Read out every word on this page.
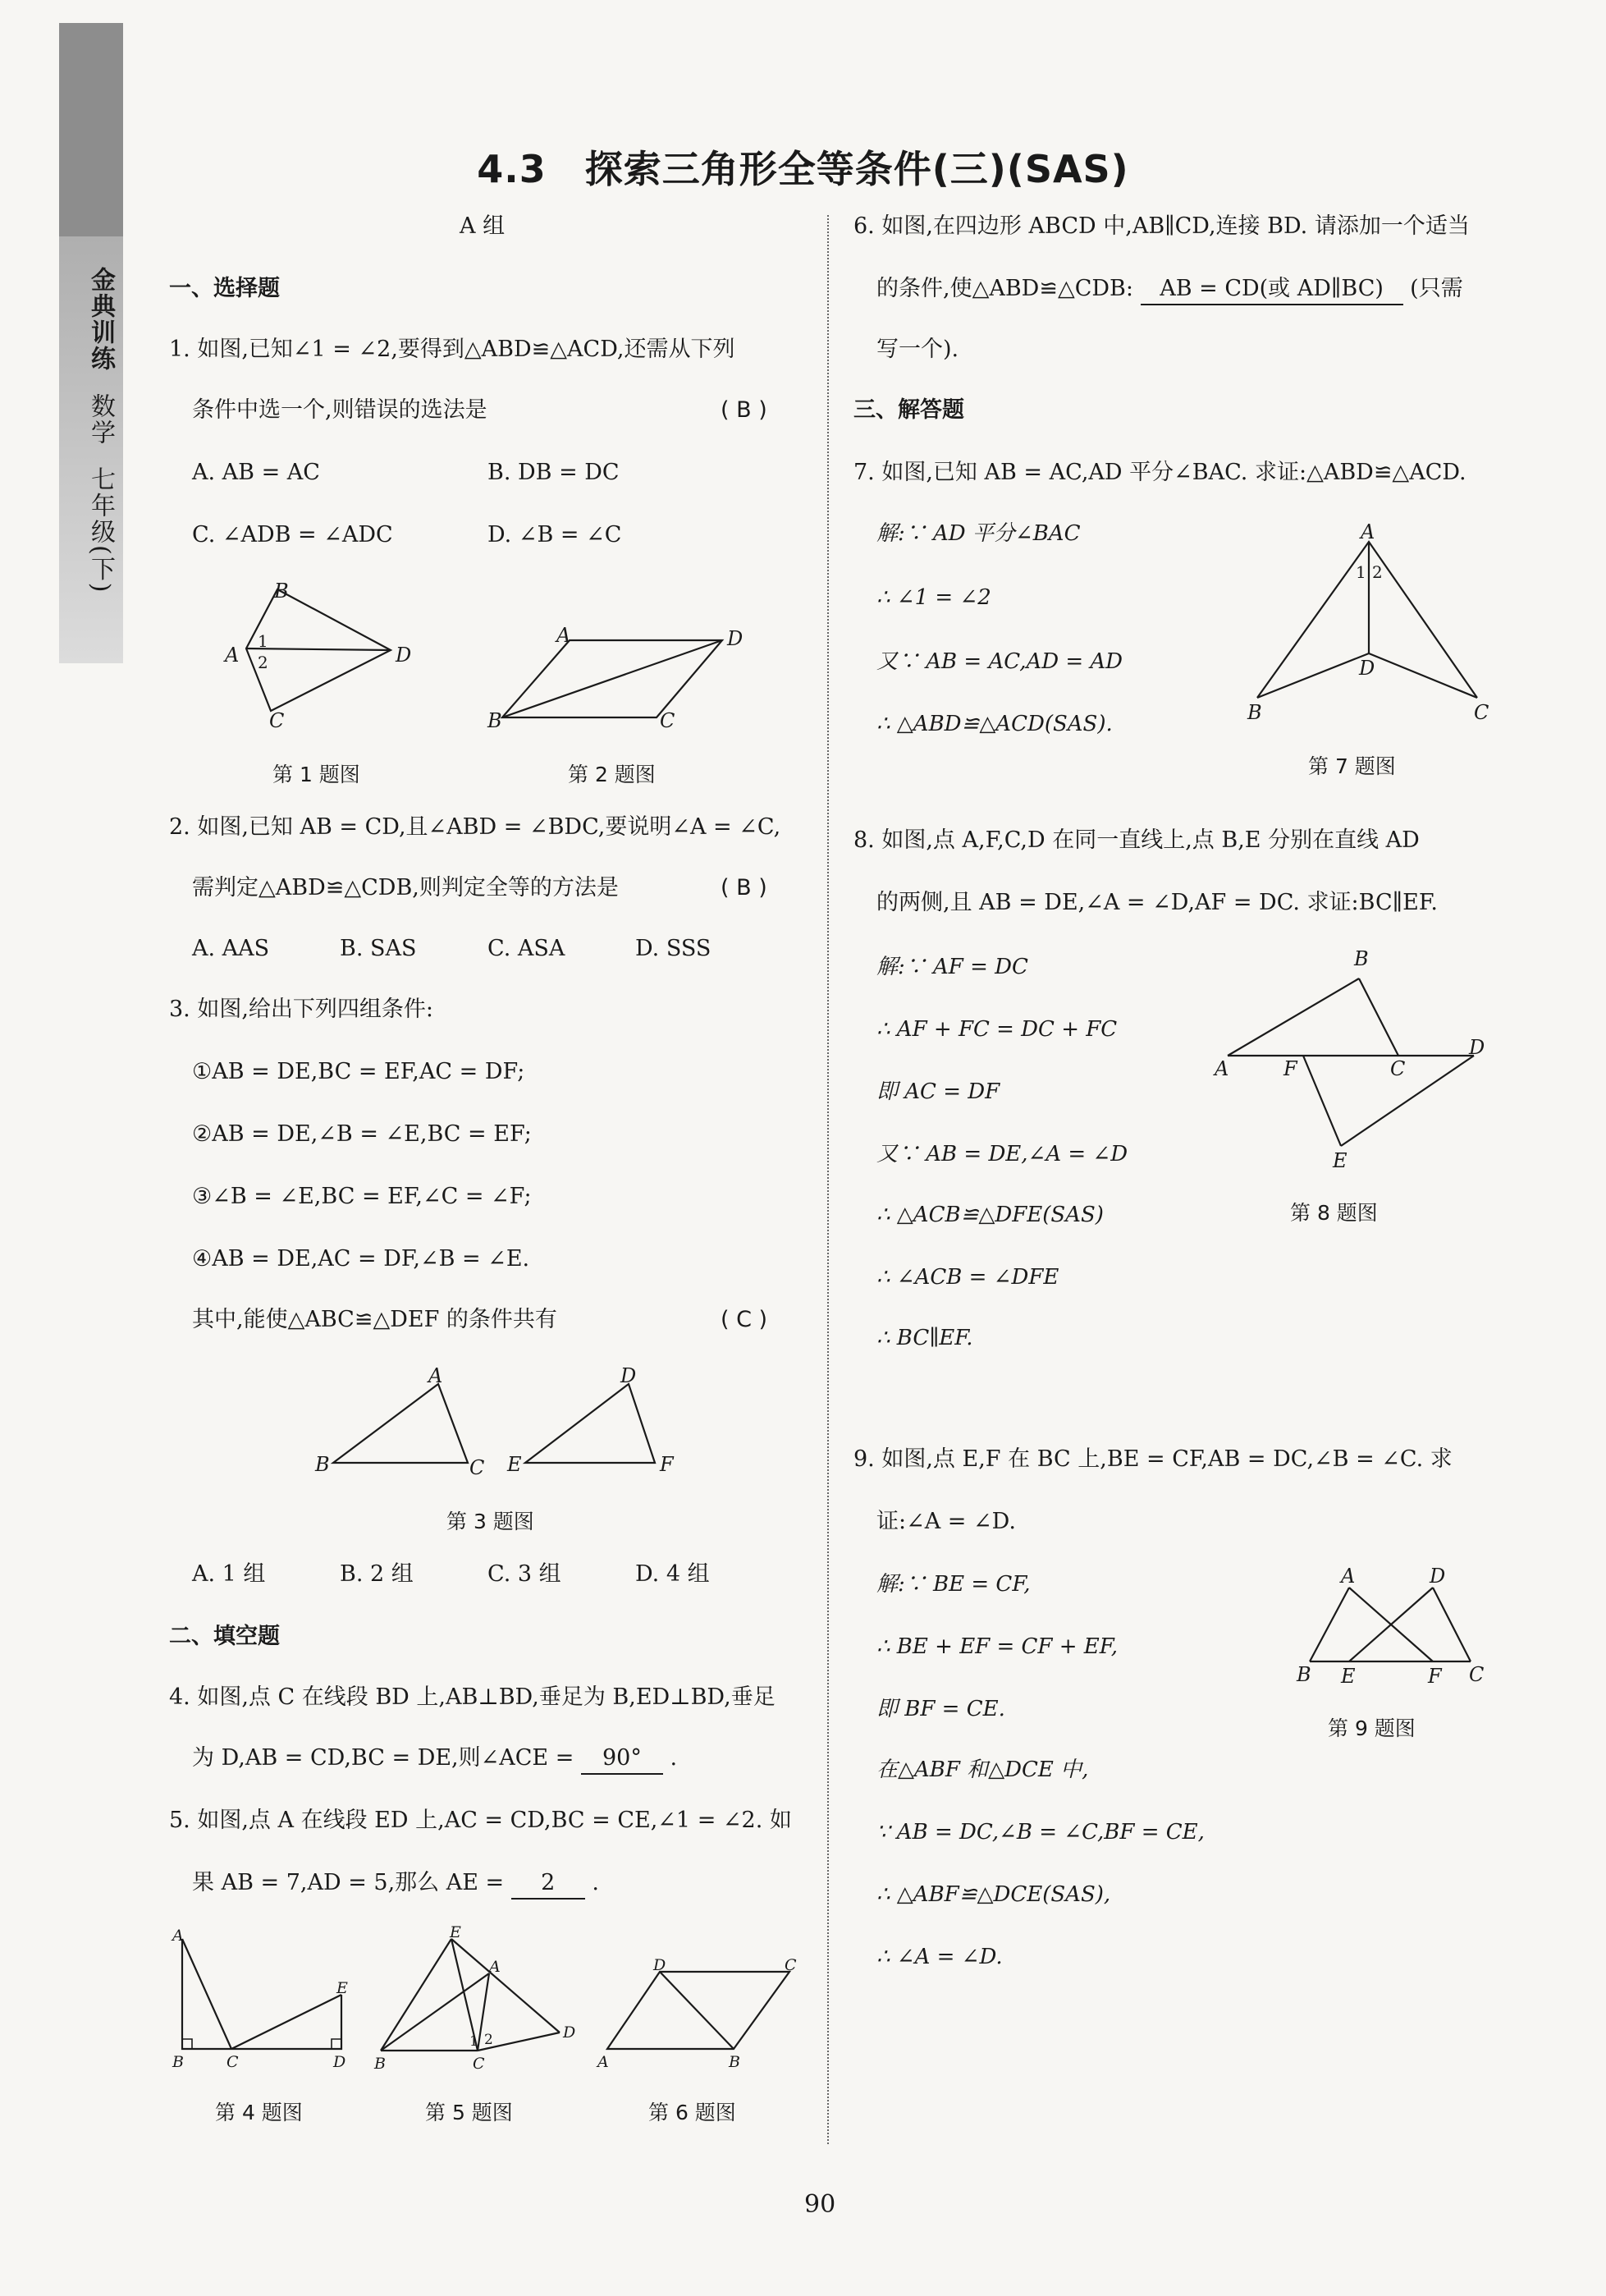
金典训练 数学 七年级(下)
4.3　探索三角形全等条件(三)(SAS)
A 组
一、选择题
1. 如图,已知∠1 = ∠2,要得到△ABD≌△ACD,还需从下列
条件中选一个,则错误的选法是	( B )
A. AB = AC	B. DB = DC
C. ∠ADB = ∠ADC	D. ∠B = ∠C
A
B
C
D
1
2
A
B	C
D
第 1 题图	第 2 题图
2. 如图,已知 AB = CD,且∠ABD = ∠BDC,要说明∠A = ∠C,
需判定△ABD≌△CDB,则判定全等的方法是	( B )
A. AAS	B. SAS	C. ASA	D. SSS
3. 如图,给出下列四组条件:
①AB = DE,BC = EF,AC = DF;
②AB = DE,∠B = ∠E,BC = EF;
③∠B = ∠E,BC = EF,∠C = ∠F;
④AB = DE,AC = DF,∠B = ∠E.
其中,能使△ABC≌△DEF 的条件共有	( C )
A
B	C
D
E	F
第 3 题图
A. 1 组	B. 2 组	C. 3 组	D. 4 组
二、填空题
4. 如图,点 C 在线段 BD 上,AB⊥BD,垂足为 B,ED⊥BD,垂足
为 D,AB = CD,BC = DE,则∠ACE = 90° .
5. 如图,点 A 在线段 ED 上,AC = CD,BC = CE,∠1 = ∠2. 如
果 AB = 7,AD = 5,那么 AE = 2 .
A
B	C	D
E
E
A
B	C
D
1 2
D	C
A	B
第 4 题图	第 5 题图	第 6 题图
6. 如图,在四边形 ABCD 中,AB∥CD,连接 BD. 请添加一个适当
的条件,使△ABD≌△CDB: AB = CD(或 AD∥BC) (只需
写一个).
三、解答题
7. 如图,已知 AB = AC,AD 平分∠BAC. 求证:△ABD≌△ACD.
解:∵ AD 平分∠BAC
∴ ∠1 = ∠2
又∵ AB = AC,AD = AD
∴ △ABD≌△ACD(SAS).
A
B	C
D
1 2
第 7 题图
8. 如图,点 A,F,C,D 在同一直线上,点 B,E 分别在直线 AD
的两侧,且 AB = DE,∠A = ∠D,AF = DC. 求证:BC∥EF.
解:∵ AF = DC
∴ AF + FC = DC + FC
即 AC = DF
又∵ AB = DE,∠A = ∠D
∴ △ACB≌△DFE(SAS)
∴ ∠ACB = ∠DFE
∴ BC∥EF.
B
A	F	C
D
E
第 8 题图
9. 如图,点 E,F 在 BC 上,BE = CF,AB = DC,∠B = ∠C. 求
证:∠A = ∠D.
解:∵ BE = CF,
∴ BE + EF = CF + EF,
即 BF = CE.
在△ABF 和△DCE 中,
∵ AB = DC,∠B = ∠C,BF = CE,
∴ △ABF≌△DCE(SAS),
∴ ∠A = ∠D.
A	D
B E	F C
第 9 题图
90
